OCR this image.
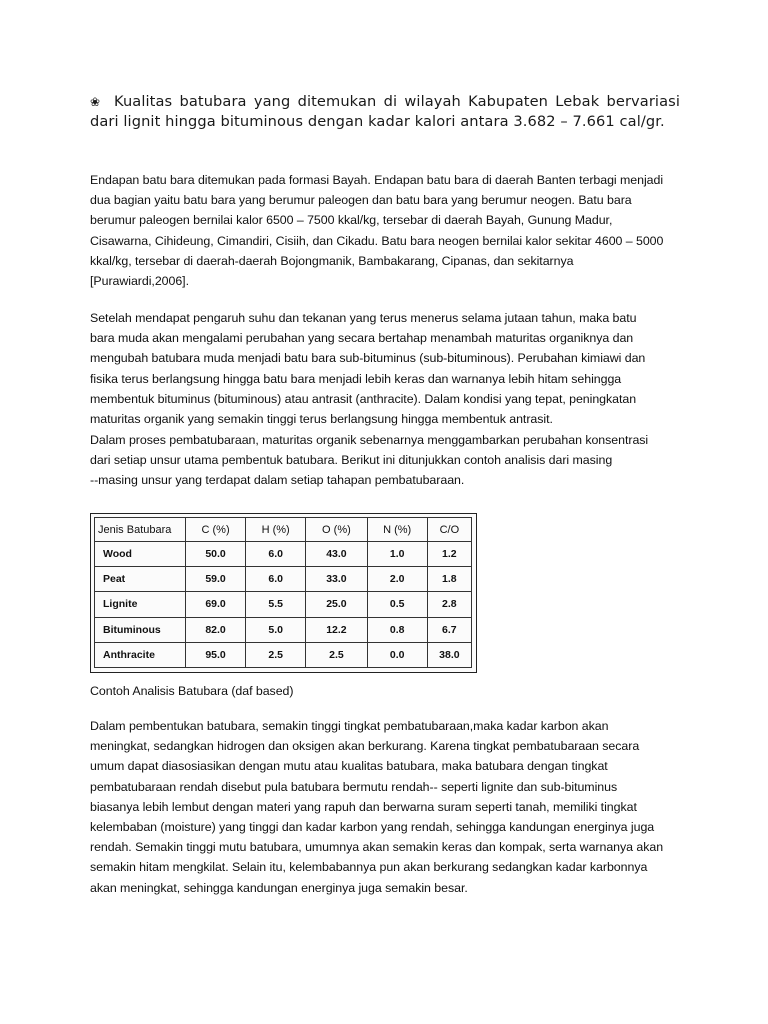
❀ Kualitas batubara yang ditemukan di wilayah Kabupaten Lebak bervariasi dari lignit hingga bituminous dengan kadar kalori antara 3.682 – 7.661 cal/gr.
Endapan batu bara ditemukan pada formasi Bayah. Endapan batu bara di daerah Banten terbagi menjadi
dua bagian yaitu batu bara yang berumur paleogen dan batu bara yang berumur neogen. Batu bara
berumur paleogen bernilai kalor 6500 – 7500 kkal/kg, tersebar di daerah Bayah, Gunung Madur,
Cisawarna, Cihideung, Cimandiri, Cisiih, dan Cikadu. Batu bara neogen bernilai kalor sekitar 4600 – 5000
kkal/kg, tersebar di daerah-daerah Bojongmanik, Bambakarang, Cipanas, dan sekitarnya
[Purawiardi,2006].
Setelah mendapat pengaruh suhu dan tekanan yang terus menerus selama jutaan tahun, maka batu
bara muda akan mengalami perubahan yang secara bertahap menambah maturitas organiknya dan
mengubah batubara muda menjadi batu bara sub-bituminus (sub-bituminous). Perubahan kimiawi dan
fisika terus berlangsung hingga batu bara menjadi lebih keras dan warnanya lebih hitam sehingga
membentuk bituminus (bituminous) atau antrasit (anthracite). Dalam kondisi yang tepat, peningkatan
maturitas organik yang semakin tinggi terus berlangsung hingga membentuk antrasit.
Dalam proses pembatubaraan, maturitas organik sebenarnya menggambarkan perubahan konsentrasi
dari setiap unsur utama pembentuk batubara. Berikut ini ditunjukkan contoh analisis dari masing
--masing unsur yang terdapat dalam setiap tahapan pembatubaraan.
Jenis Batubara	C (%)	H (%)	O (%)	N (%)	C/O
Wood	50.0	6.0	43.0	1.0	1.2
Peat	59.0	6.0	33.0	2.0	1.8
Lignite	69.0	5.5	25.0	0.5	2.8
Bituminous	82.0	5.0	12.2	0.8	6.7
Anthracite	95.0	2.5	2.5	0.0	38.0
Contoh Analisis Batubara (daf based)
Dalam pembentukan batubara, semakin tinggi tingkat pembatubaraan,maka kadar karbon akan
meningkat, sedangkan hidrogen dan oksigen akan berkurang. Karena tingkat pembatubaraan secara
umum dapat diasosiasikan dengan mutu atau kualitas batubara, maka batubara dengan tingkat
pembatubaraan rendah disebut pula batubara bermutu rendah-- seperti lignite dan sub-bituminus
biasanya lebih lembut dengan materi yang rapuh dan berwarna suram seperti tanah, memiliki tingkat
kelembaban (moisture) yang tinggi dan kadar karbon yang rendah, sehingga kandungan energinya juga
rendah. Semakin tinggi mutu batubara, umumnya akan semakin keras dan kompak, serta warnanya akan
semakin hitam mengkilat. Selain itu, kelembabannya pun akan berkurang sedangkan kadar karbonnya
akan meningkat, sehingga kandungan energinya juga semakin besar.
